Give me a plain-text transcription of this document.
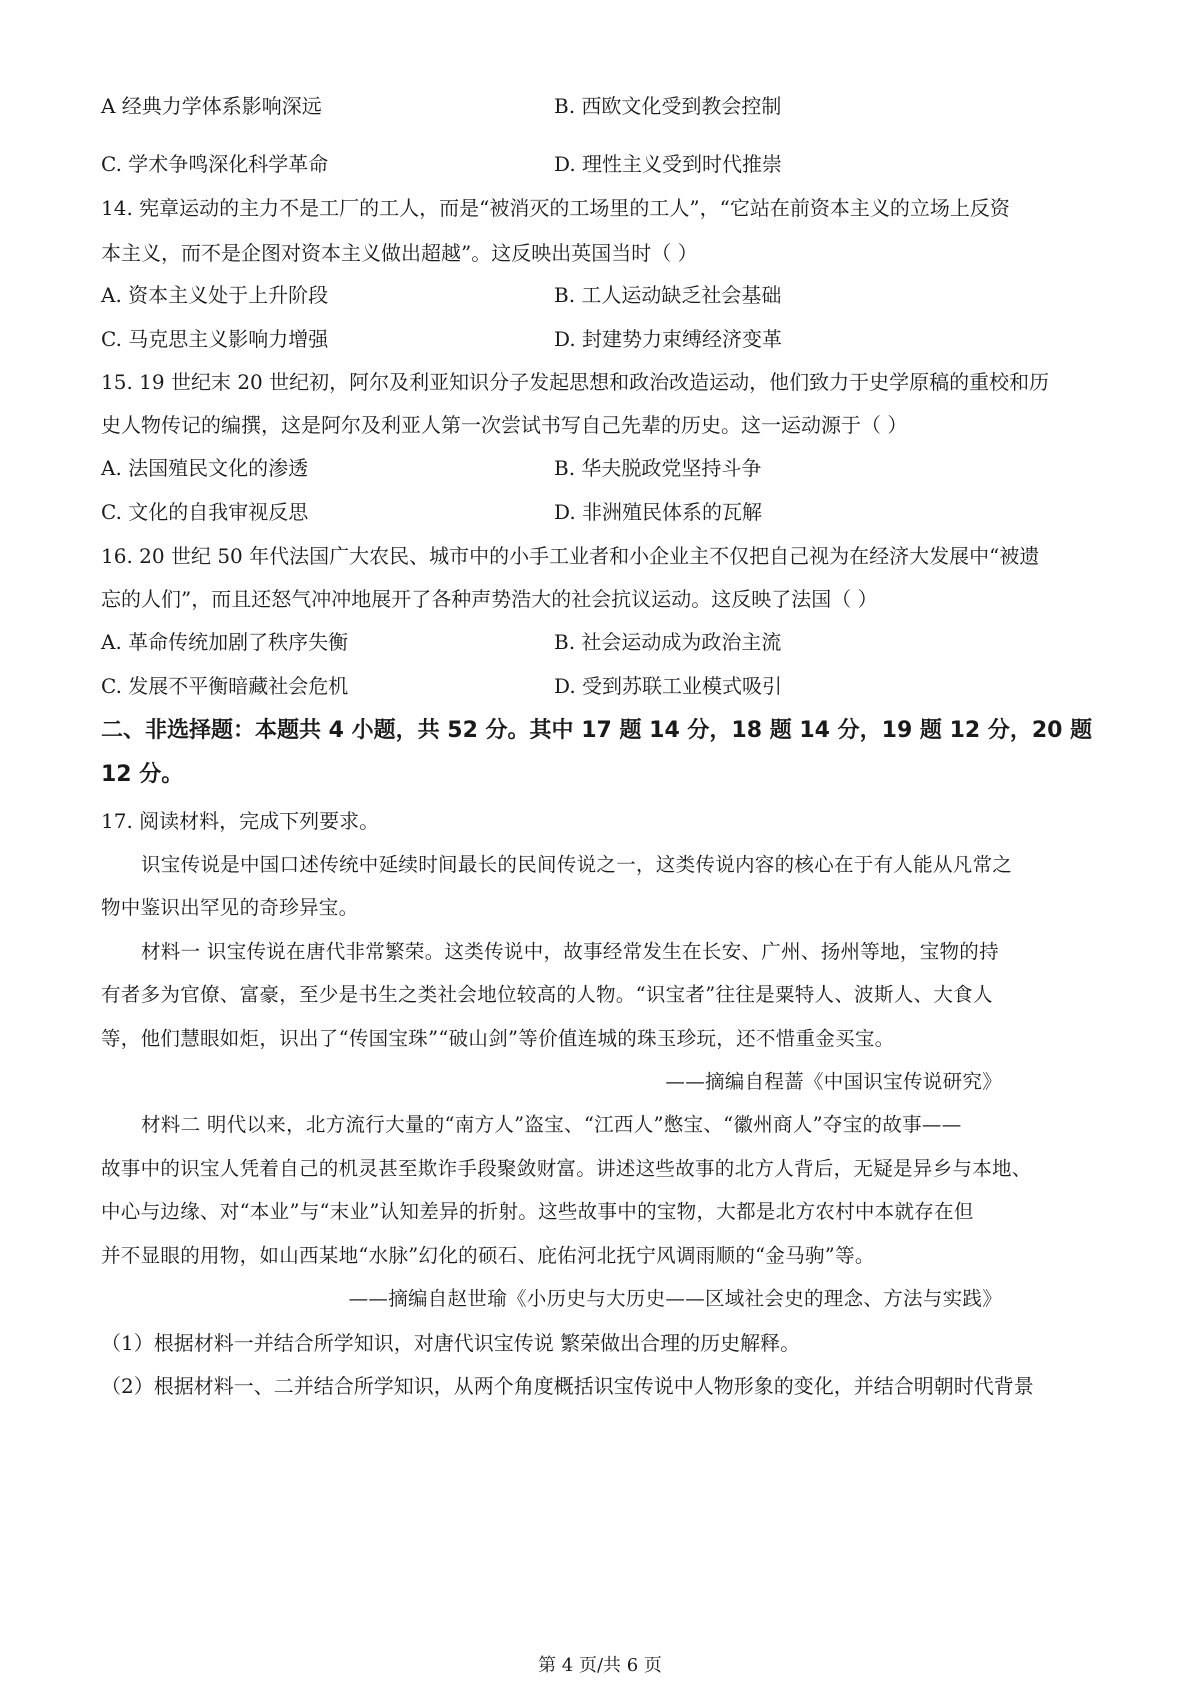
A 经典力学体系影响深远	B. 西欧文化受到教会控制
C. 学术争鸣深化科学革命	D. 理性主义受到时代推崇
14. 宪章运动的主力不是工厂的工人，而是“被消灭的工场里的工人”，“它站在前资本主义的立场上反资
本主义，而不是企图对资本主义做出超越”。这反映出英国当时（ ）
A. 资本主义处于上升阶段	B. 工人运动缺乏社会基础
C. 马克思主义影响力增强	D. 封建势力束缚经济变革
15. 19 世纪末 20 世纪初，阿尔及利亚知识分子发起思想和政治改造运动，他们致力于史学原稿的重校和历
史人物传记的编撰，这是阿尔及利亚人第一次尝试书写自己先辈的历史。这一运动源于（ ）
A. 法国殖民文化的渗透	B. 华夫脱政党坚持斗争
C. 文化的自我审视反思	D. 非洲殖民体系的瓦解
16. 20 世纪 50 年代法国广大农民、城市中的小手工业者和小企业主不仅把自己视为在经济大发展中“被遗
忘的人们”，而且还怒气冲冲地展开了各种声势浩大的社会抗议运动。这反映了法国（ ）
A. 革命传统加剧了秩序失衡	B. 社会运动成为政治主流
C. 发展不平衡暗藏社会危机	D. 受到苏联工业模式吸引
二、非选择题：本题共 4 小题，共 52 分。其中 17 题 14 分，18 题 14 分，19 题 12 分，20 题
12 分。
17. 阅读材料，完成下列要求。
识宝传说是中国口述传统中延续时间最长的民间传说之一，这类传说内容的核心在于有人能从凡常之
物中鉴识出罕见的奇珍异宝。
材料一 识宝传说在唐代非常繁荣。这类传说中，故事经常发生在长安、广州、扬州等地，宝物的持
有者多为官僚、富豪，至少是书生之类社会地位较高的人物。“识宝者”往往是粟特人、波斯人、大食人
等，他们慧眼如炬，识出了“传国宝珠”“破山剑”等价值连城的珠玉珍玩，还不惜重金买宝。
——摘编自程蔷《中国识宝传说研究》
材料二 明代以来，北方流行大量的“南方人”盗宝、“江西人”憋宝、“徽州商人”夺宝的故事——
故事中的识宝人凭着自己的机灵甚至欺诈手段聚敛财富。讲述这些故事的北方人背后，无疑是异乡与本地、
中心与边缘、对“本业”与“末业”认知差异的折射。这些故事中的宝物，大都是北方农村中本就存在但
并不显眼的用物，如山西某地“水脉”幻化的硕石、庇佑河北抚宁风调雨顺的“金马驹”等。
——摘编自赵世瑜《小历史与大历史——区域社会史的理念、方法与实践》
（1）根据材料一并结合所学知识，对唐代识宝传说 繁荣做出合理的历史解释。
（2）根据材料一、二并结合所学知识，从两个角度概括识宝传说中人物形象的变化，并结合明朝时代背景
第 4 页/共 6 页
